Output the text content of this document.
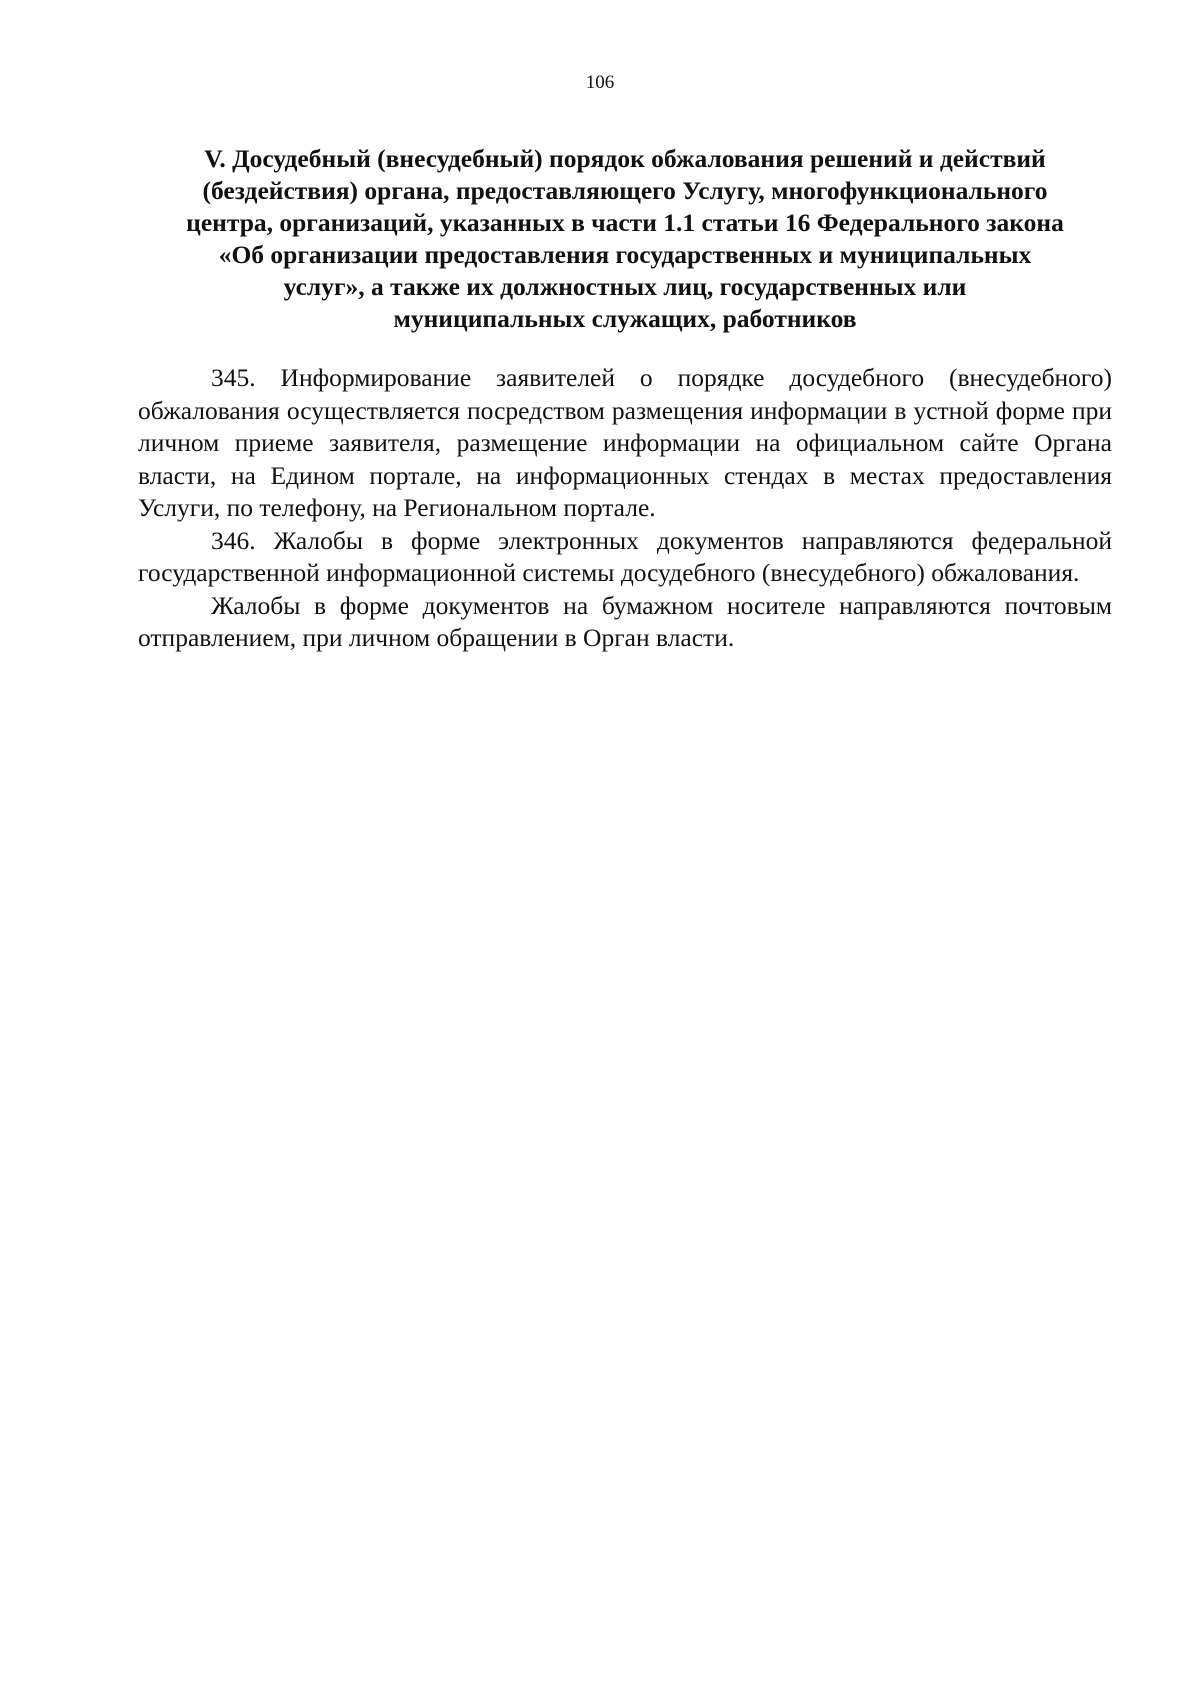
106
V. Досудебный (внесудебный) порядок обжалования решений и действий
(бездействия) органа, предоставляющего Услугу, многофункционального
центра, организаций, указанных в части 1.1 статьи 16 Федерального закона
«Об организации предоставления государственных и муниципальных
услуг», а также их должностных лиц, государственных или
муниципальных служащих, работников

345. Информирование заявителей о порядке досудебного (внесудебного) обжалования осуществляется посредством размещения информации в устной форме при личном приеме заявителя, размещение информации на официальном сайте Органа власти, на Едином портале, на информационных стендах в местах предоставления Услуги, по телефону, на Региональном портале.

346. Жалобы в форме электронных документов направляются федеральной государственной информационной системы досудебного (внесудебного) обжалования.

Жалобы в форме документов на бумажном носителе направляются почтовым отправлением, при личном обращении в Орган власти.
